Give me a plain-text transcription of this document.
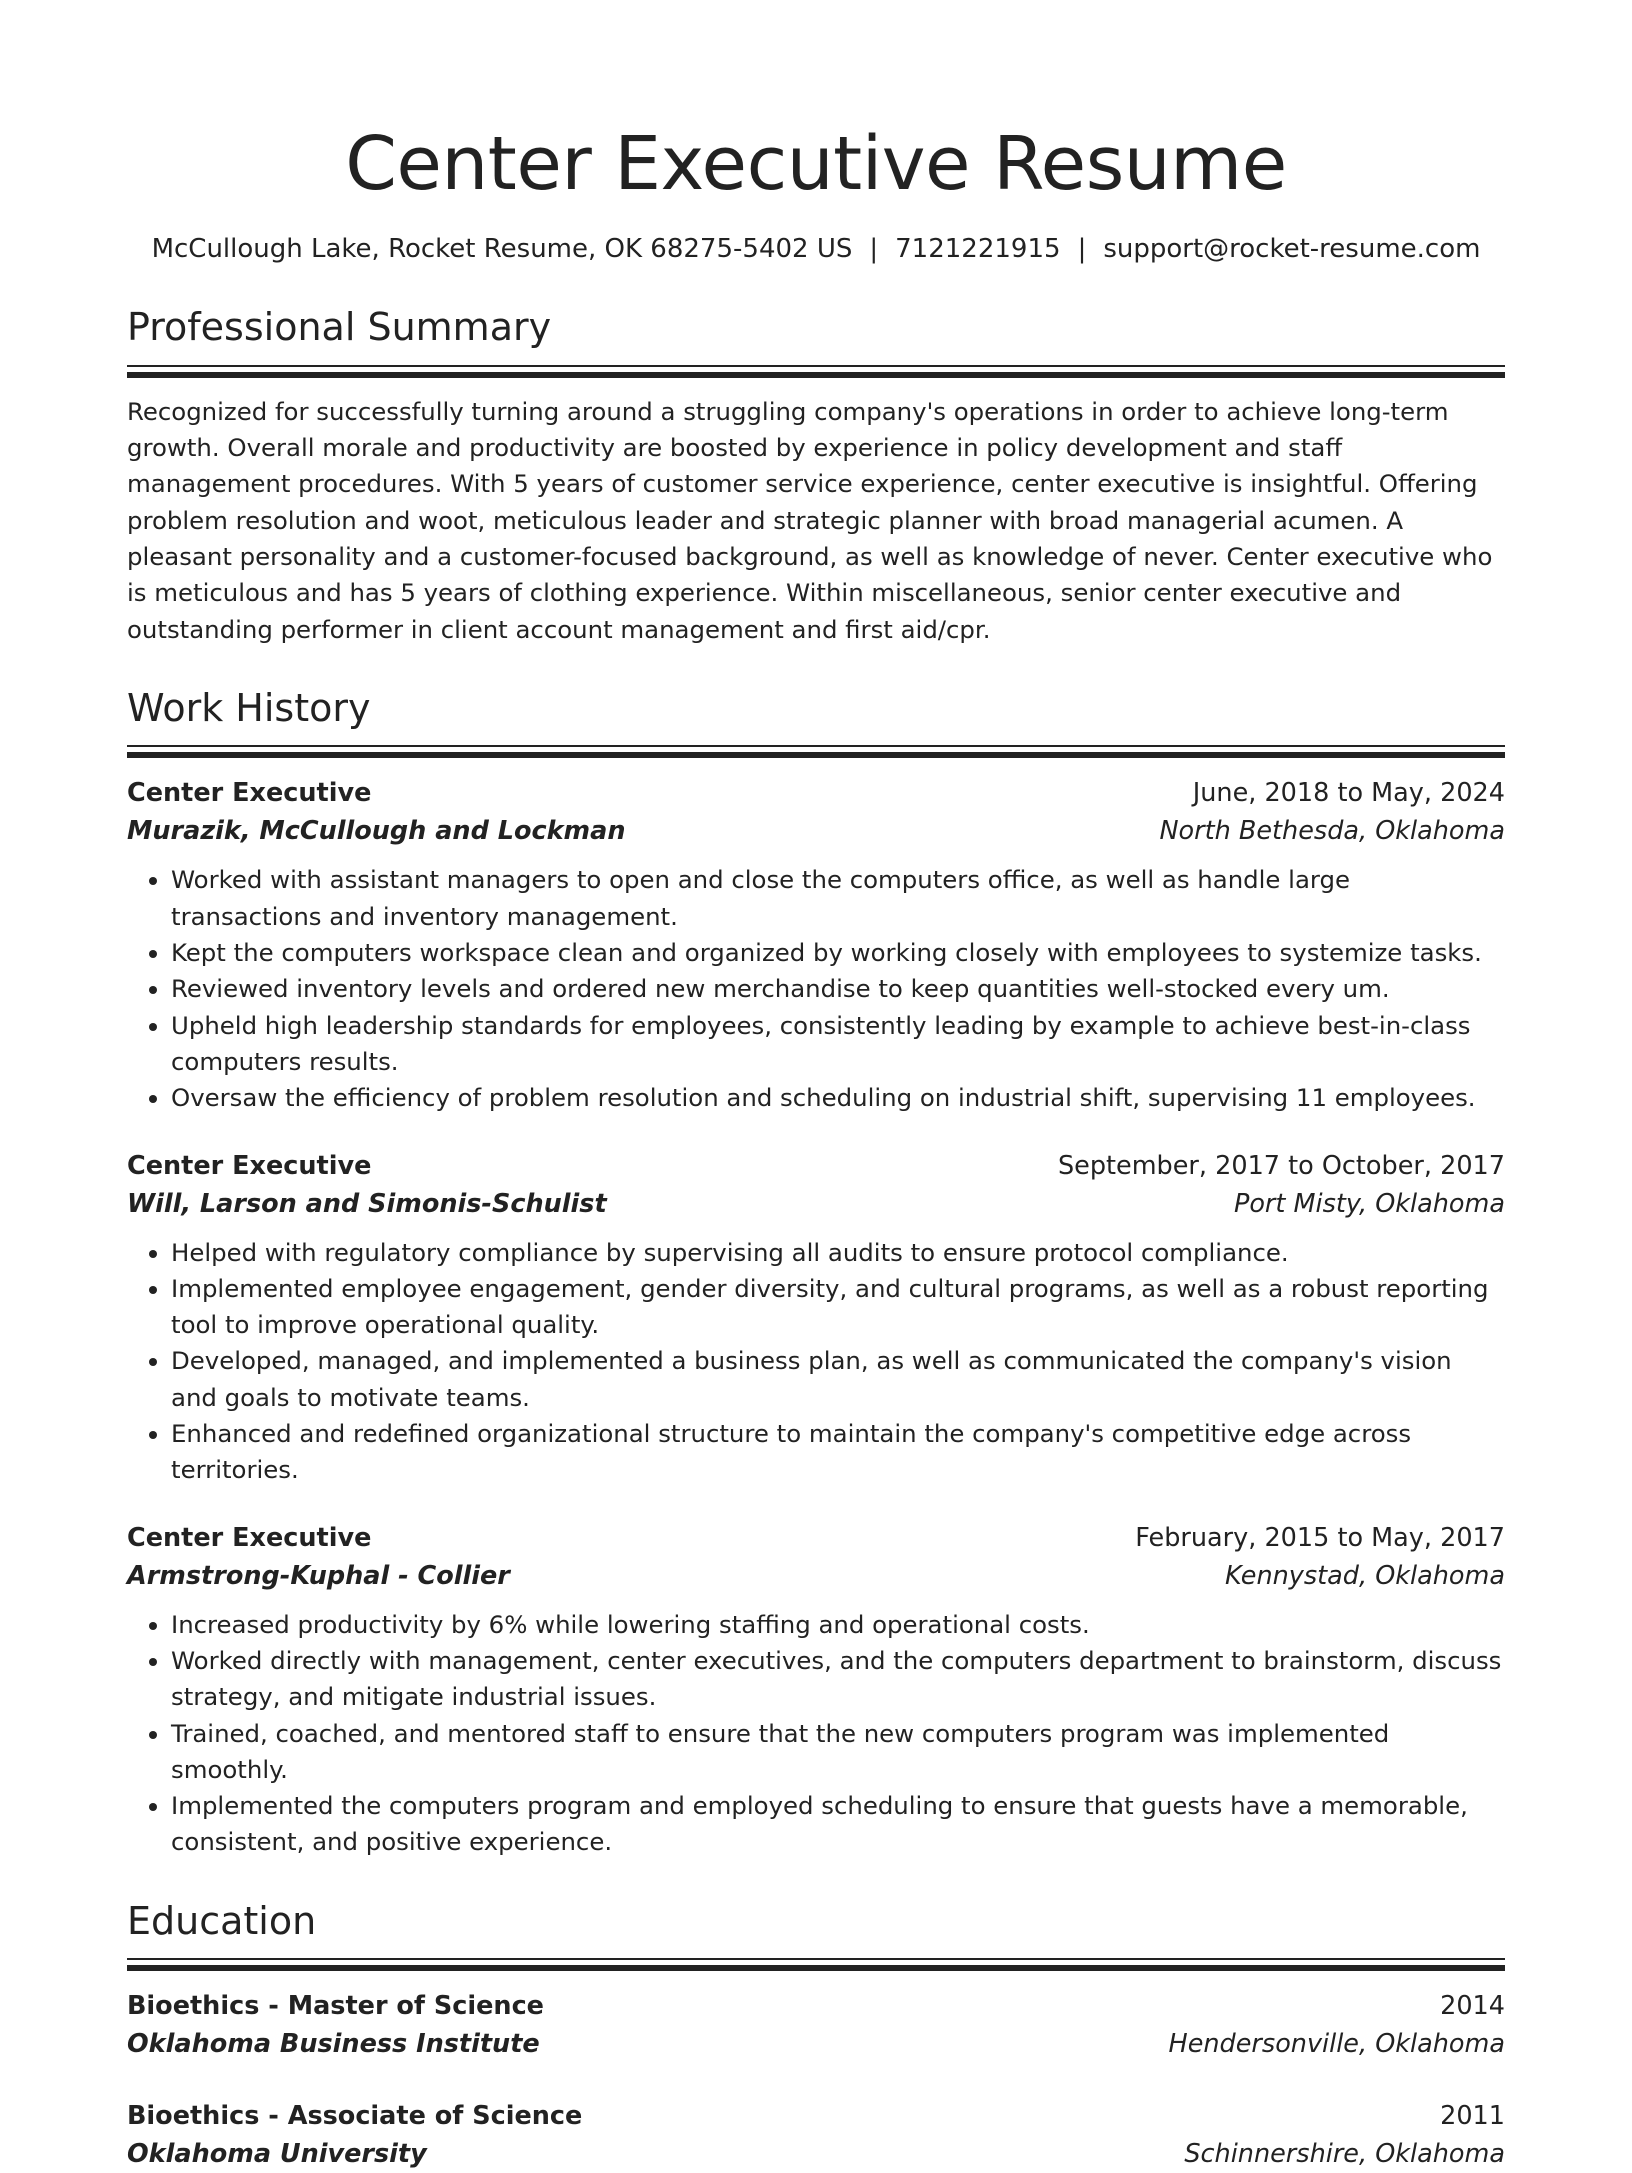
Center Executive Resume
McCullough Lake, Rocket Resume, OK 68275-5402 US | 7121221915 | support@rocket-resume.com
Professional Summary

Recognized for successfully turning around a struggling company's operations in order to achieve long-term growth. Overall morale and productivity are boosted by experience in policy development and staff management procedures. With 5 years of customer service experience, center executive is insightful. Offering problem resolution and woot, meticulous leader and strategic planner with broad managerial acumen. A pleasant personality and a customer-focused background, as well as knowledge of never. Center executive who is meticulous and has 5 years of clothing experience. Within miscellaneous, senior center executive and outstanding performer in client account management and first aid/cpr.

Work History
Center Executive	June, 2018 to May, 2024
Murazik, McCullough and Lockman	North Bethesda, Oklahoma
• Worked with assistant managers to open and close the computers office, as well as handle large transactions and inventory management.
• Kept the computers workspace clean and organized by working closely with employees to systemize tasks.
• Reviewed inventory levels and ordered new merchandise to keep quantities well-stocked every um.
• Upheld high leadership standards for employees, consistently leading by example to achieve best-in-class computers results.
• Oversaw the efficiency of problem resolution and scheduling on industrial shift, supervising 11 employees.
Center Executive	September, 2017 to October, 2017
Will, Larson and Simonis-Schulist	Port Misty, Oklahoma
• Helped with regulatory compliance by supervising all audits to ensure protocol compliance.
• Implemented employee engagement, gender diversity, and cultural programs, as well as a robust reporting tool to improve operational quality.
• Developed, managed, and implemented a business plan, as well as communicated the company's vision and goals to motivate teams.
• Enhanced and redefined organizational structure to maintain the company's competitive edge across territories.
Center Executive	February, 2015 to May, 2017
Armstrong-Kuphal - Collier	Kennystad, Oklahoma
• Increased productivity by 6% while lowering staffing and operational costs.
• Worked directly with management, center executives, and the computers department to brainstorm, discuss strategy, and mitigate industrial issues.
• Trained, coached, and mentored staff to ensure that the new computers program was implemented smoothly.
• Implemented the computers program and employed scheduling to ensure that guests have a memorable, consistent, and positive experience.
Education
Bioethics - Master of Science	2014
Oklahoma Business Institute	Hendersonville, Oklahoma
Bioethics - Associate of Science	2011
Oklahoma University	Schinnershire, Oklahoma
